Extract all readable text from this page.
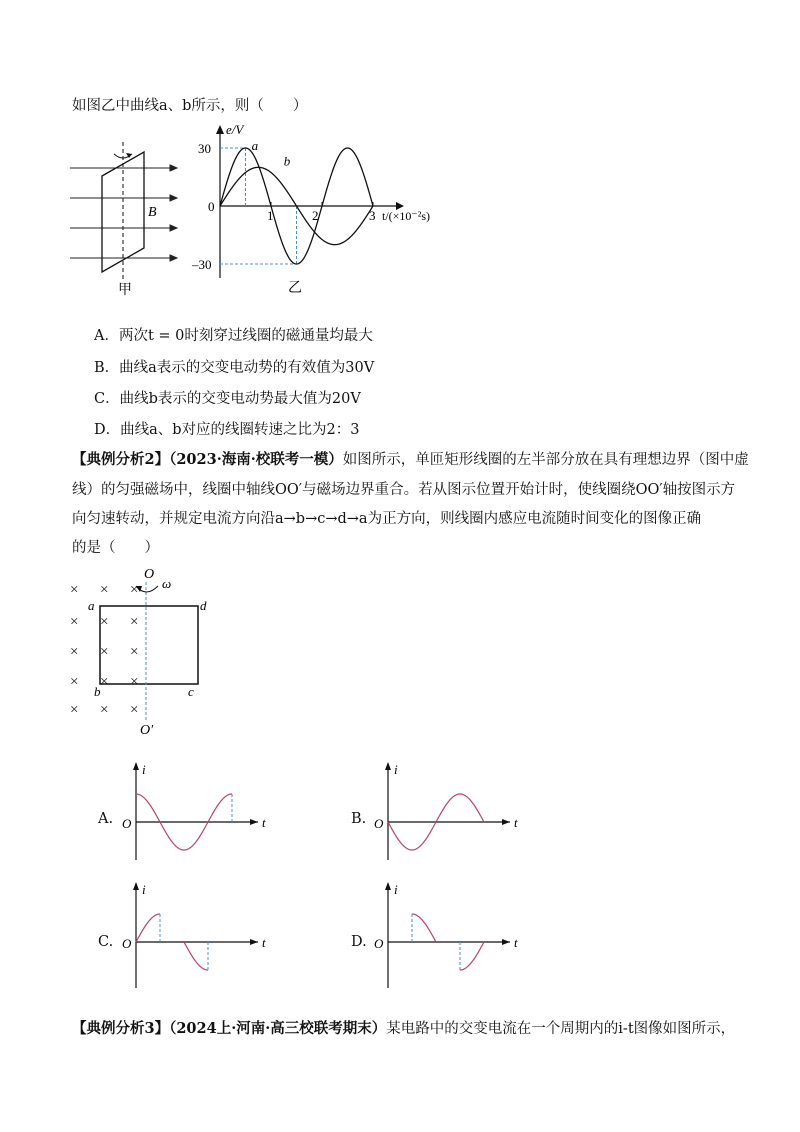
如图乙中曲线a、b所示，则（　　）
B
甲
e/V
t/(×10⁻²s)
30
–30
0
1	2	3
a
b
乙
A．两次t = 0时刻穿过线圈的磁通量均最大
B．曲线a表示的交变电动势的有效值为30V
C．曲线b表示的交变电动势最大值为20V
D．曲线a、b对应的线圈转速之比为2：3
【典例分析2】（2023·海南·校联考一模）如图所示，单匝矩形线圈的左半部分放在具有理想边界（图中虚
线）的匀强磁场中，线圈中轴线OO′与磁场边界重合。若从图示位置开始计时，使线圈绕OO′轴按图示方
向匀速转动，并规定电流方向沿a→b→c→d→a为正方向，则线圈内感应电流随时间变化的图像正确
的是（　　）
× × ×
× × ×
× × ×
× × ×
× × ×
O
ω
a	d
b	c
O′
A.
i
t
O	B.
i
t
O
C.
i
t
O	D.
i
t
O
【典例分析3】（2024上·河南·高三校联考期末）某电路中的交变电流在一个周期内的i-t图像如图所示，
